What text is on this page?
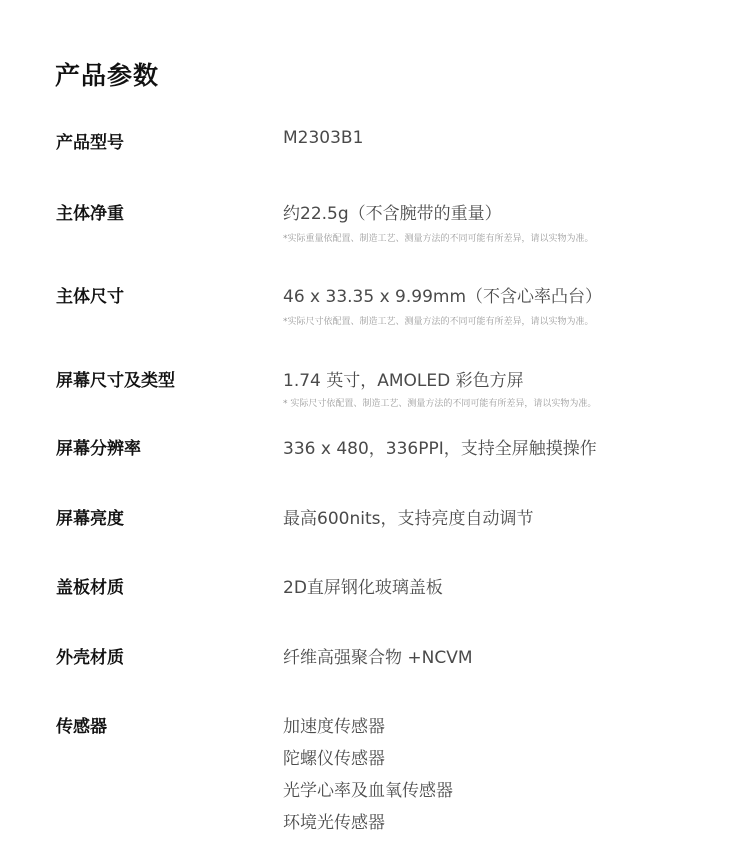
产品参数
产品型号	M2303B1
主体净重	约22.5g（不含腕带的重量）
*实际重量依配置、制造工艺、测量方法的不同可能有所差异，请以实物为准。
主体尺寸	46 x 33.35 x 9.99mm（不含心率凸台）
*实际尺寸依配置、制造工艺、测量方法的不同可能有所差异，请以实物为准。
屏幕尺寸及类型	1.74 英寸，AMOLED 彩色方屏
* 实际尺寸依配置、制造工艺、测量方法的不同可能有所差异，请以实物为准。
屏幕分辨率	336 x 480，336PPI，支持全屏触摸操作
屏幕亮度	最高600nits，支持亮度自动调节
盖板材质	2D直屏钢化玻璃盖板
外壳材质	纤维高强聚合物 +NCVM
传感器	加速度传感器
陀螺仪传感器
光学心率及血氧传感器
环境光传感器
